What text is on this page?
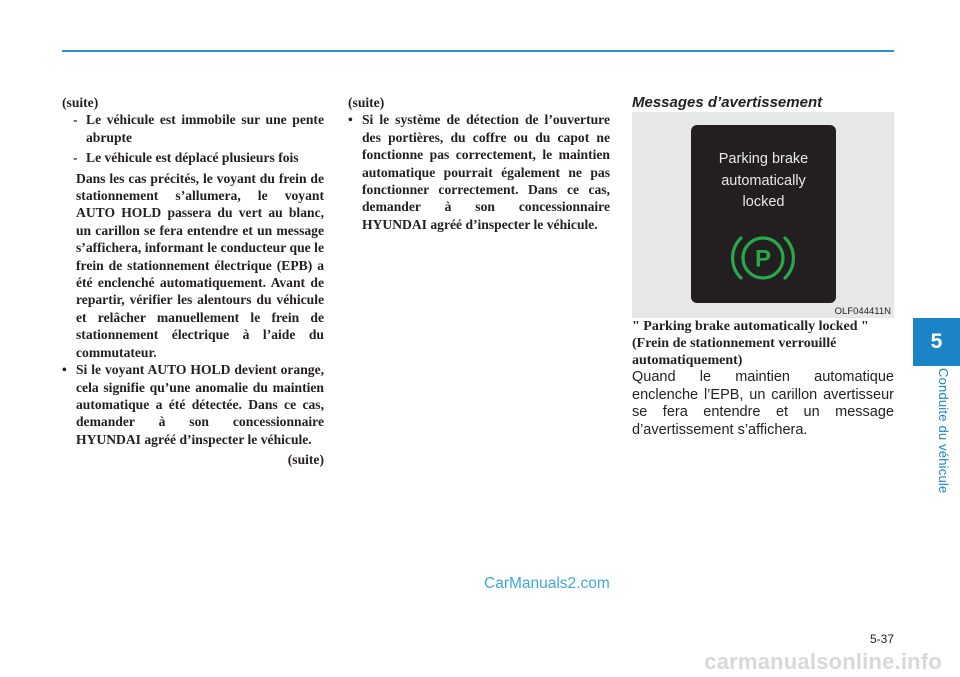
(suite)

- Le véhicule est immobile sur une pente abrupte
- Le véhicule est déplacé plusieurs fois

Dans les cas précités, le voyant du frein de stationnement s’allumera, le voyant AUTO HOLD passera du vert au blanc, un carillon se fera entendre et un message s’affichera, informant le conducteur que le frein de stationnement électrique (EPB) a été enclenché automatiquement. Avant de repartir, vérifier les alentours du véhicule et relâcher manuellement le frein de stationnement électrique à l’aide du commutateur.

• Si le voyant AUTO HOLD devient orange, cela signifie qu’une anomalie du maintien automatique a été détectée. Dans ce cas, demander à son concessionnaire HYUNDAI agréé d’inspecter le véhicule.

(suite)

(suite)

• Si le système de détection de l’ouverture des portières, du coffre ou du capot ne fonctionne pas correctement, le maintien automatique pourrait également ne pas fonctionner correctement. Dans ce cas, demander à son concessionnaire HYUNDAI agréé d’inspecter le véhicule.

Messages d’avertissement

Parking brake
automatically
locked
P
OLF044411N

" Parking brake automatically locked " (Frein de stationnement verrouillé automatiquement)

Quand le maintien automatique enclenche l’EPB, un carillon avertisseur se fera entendre et un message d’avertissement s’affichera.

5
Conduite du véhicule
5-37
CarManuals2.com
carmanualsonline.info
